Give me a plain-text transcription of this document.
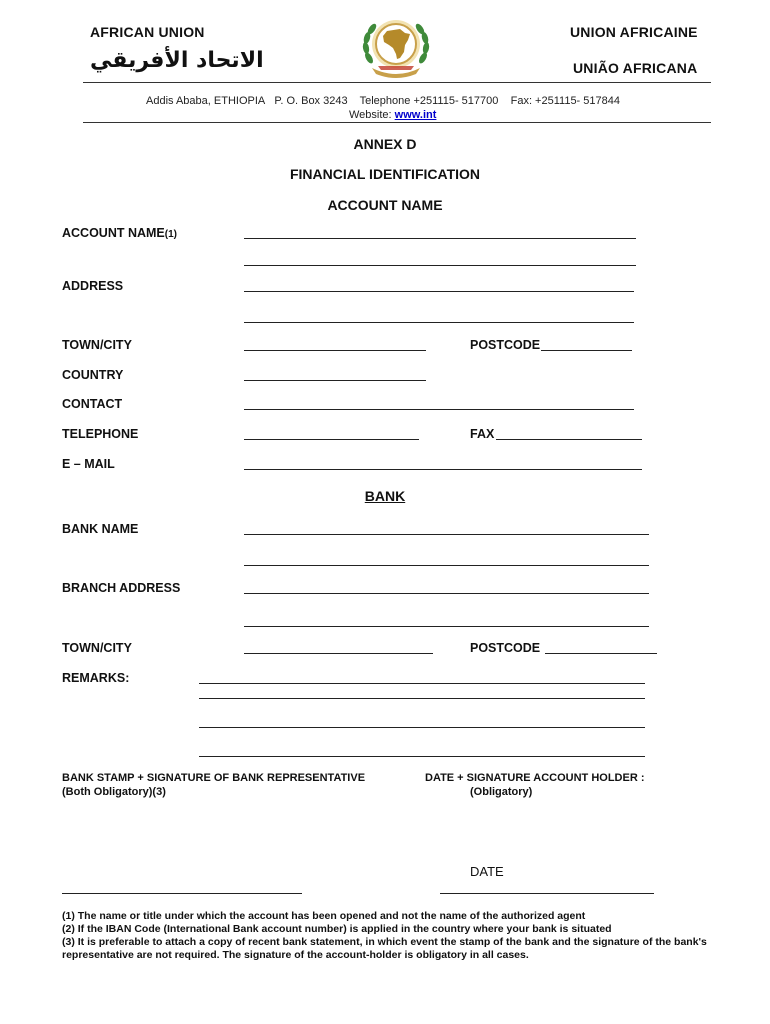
AFRICAN UNION
الاتحاد الأفريقي
UNION AFRICAINE
UNIÃO AFRICANA
Addis Ababa, ETHIOPIA P. O. Box 3243 Telephone +251115- 517700 Fax: +251115- 517844
Website: www.int
ANNEX D
FINANCIAL IDENTIFICATION
ACCOUNT NAME
ACCOUNT NAME(1)
ADDRESS
TOWN/CITY	POSTCODE
COUNTRY
CONTACT
TELEPHONE	FAX
E – MAIL
BANK
BANK NAME
BRANCH ADDRESS
TOWN/CITY	POSTCODE
REMARKS:
BANK STAMP + SIGNATURE OF BANK REPRESENTATIVE
(Both Obligatory)(3)
DATE + SIGNATURE ACCOUNT HOLDER :
(Obligatory)
DATE
(1) The name or title under which the account has been opened and not the name of the authorized agent
(2) If the IBAN Code (International Bank account number) is applied in the country where your bank is situated
(3) It is preferable to attach a copy of recent bank statement, in which event the stamp of the bank and the signature of the bank's representative are not required. The signature of the account-holder is obligatory in all cases.
